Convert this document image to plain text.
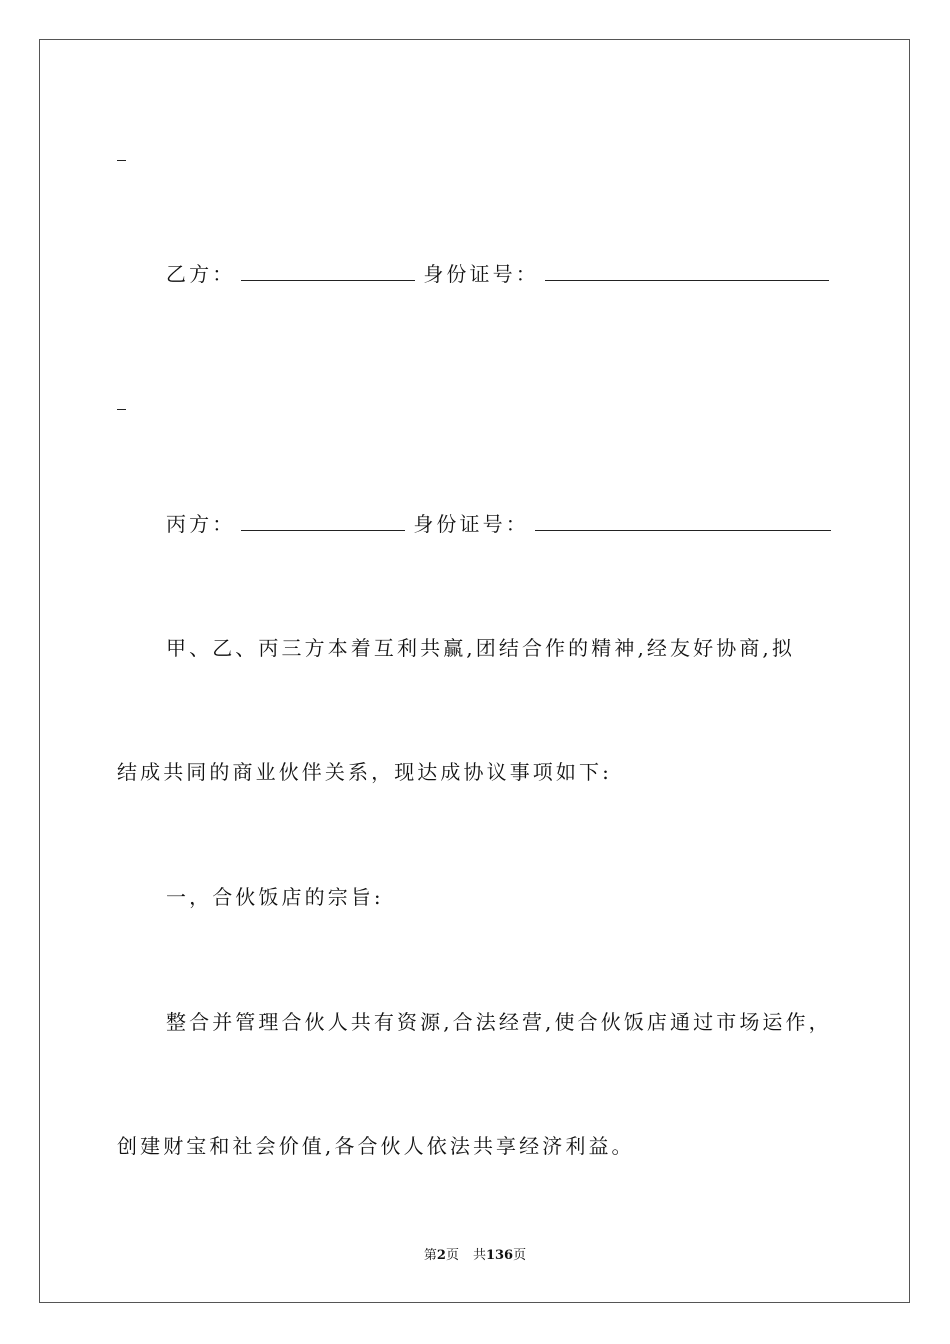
乙方：	身份证号：
丙方：	身份证号：
甲、乙、丙三方本着互利共赢,团结合作的精神,经友好协商,拟
结成共同的商业伙伴关系，现达成协议事项如下:
一，合伙饭店的宗旨:
整合并管理合伙人共有资源,合法经营,使合伙饭店通过市场运作，
创建财宝和社会价值,各合伙人依法共享经济利益。
第2页 共136页
